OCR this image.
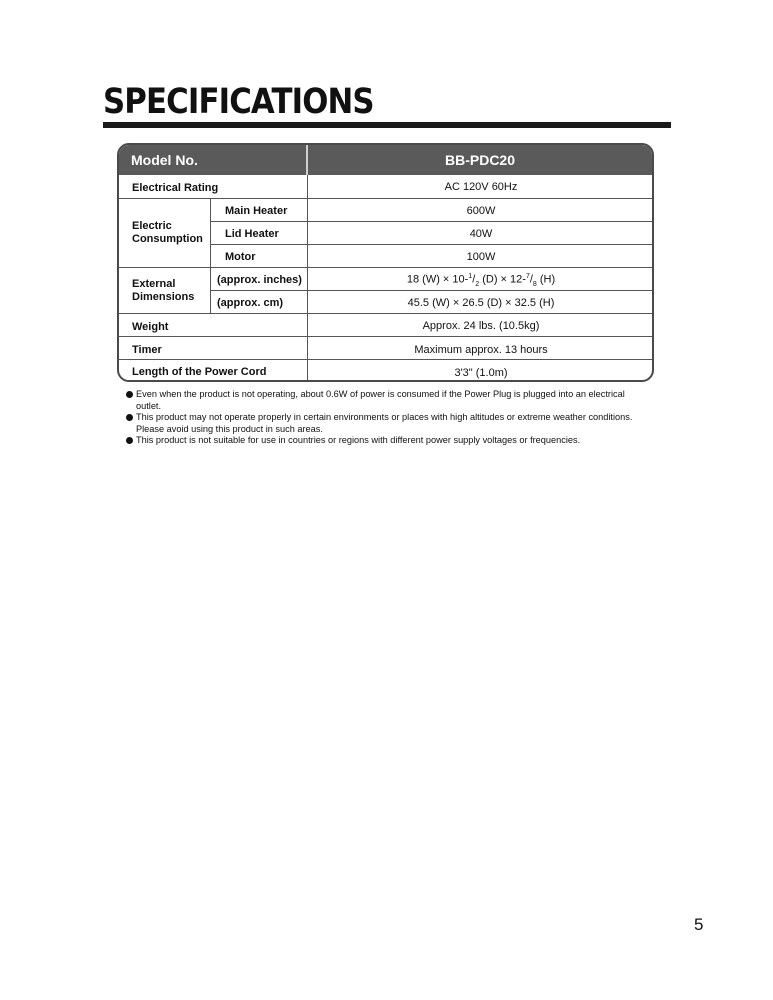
SPECIFICATIONS
Model No.	BB-PDC20
Electrical Rating	AC 120V 60Hz
Electric
Consumption
Main Heater	600W
Lid Heater	40W
Motor	100W
External
Dimensions
(approx. inches)	18 $(W) \times 10-^1/_2$ $(D) \times 12-^7/_8$ (H)
(approx. cm)	45.5 (W) × 26.5 (D) × 32.5 (H)
Weight	Approx. 24 lbs. (10.5kg)
Timer	Maximum approx. 13 hours
Length of the Power Cord	3'3" (1.0m)
Even when the product is not operating, about 0.6W of power is consumed if the Power Plug is plugged into an electrical outlet.
This product may not operate properly in certain environments or places with high altitudes or extreme weather conditions. Please avoid using this product in such areas.
This product is not suitable for use in countries or regions with different power supply voltages or frequencies.
5
